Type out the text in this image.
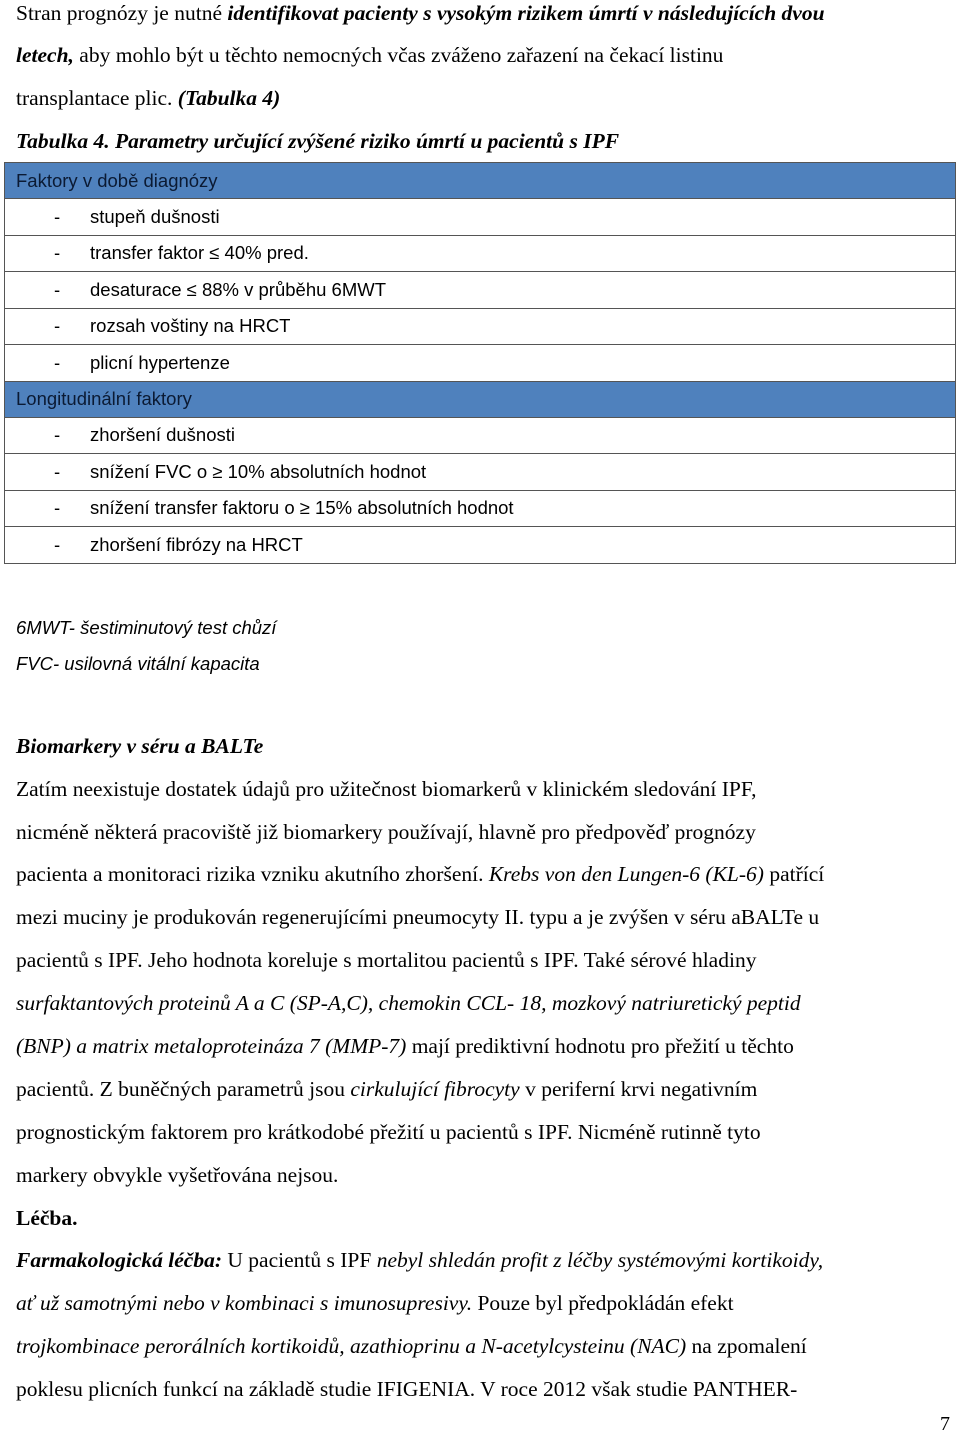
Stran prognózy je nutné identifikovat pacienty s vysokým rizikem úmrtí v následujících dvou
letech, aby mohlo být u těchto nemocných včas zváženo zařazení na čekací listinu
transplantace plic. (Tabulka 4)
Tabulka 4. Parametry určující zvýšené riziko úmrtí u pacientů s IPF
Faktory v době diagnózy
- stupeň dušnosti
- transfer faktor ≤ 40% pred.
- desaturace ≤ 88% v průběhu 6MWT
- rozsah voštiny na HRCT
- plicní hypertenze
Longitudinální faktory
- zhoršení dušnosti
- snížení FVC o ≥ 10% absolutních hodnot
- snížení transfer faktoru o ≥ 15% absolutních hodnot
- zhoršení fibrózy na HRCT
6MWT- šestiminutový test chůzí
FVC- usilovná vitální kapacita
Biomarkery v séru a BALTe
Zatím neexistuje dostatek údajů pro užitečnost biomarkerů v klinickém sledování IPF,
nicméně některá pracoviště již biomarkery používají, hlavně pro předpověď prognózy
pacienta a monitoraci rizika vzniku akutního zhoršení. Krebs von den Lungen-6 (KL-6) patřící
mezi muciny je produkován regenerujícími pneumocyty II. typu a je zvýšen v séru aBALTe u
pacientů s IPF. Jeho hodnota koreluje s mortalitou pacientů s IPF. Také sérové hladiny
surfaktantových proteinů A a C (SP-A,C), chemokin CCL- 18, mozkový natriuretický peptid
(BNP) a matrix metaloproteináza 7 (MMP-7) mají prediktivní hodnotu pro přežití u těchto
pacientů. Z buněčných parametrů jsou cirkulující fibrocyty v periferní krvi negativním
prognostickým faktorem pro krátkodobé přežití u pacientů s IPF. Nicméně rutinně tyto
markery obvykle vyšetřována nejsou.
Léčba.
Farmakologická léčba: U pacientů s IPF nebyl shledán profit z léčby systémovými kortikoidy,
ať už samotnými nebo v kombinaci s imunosupresivy. Pouze byl předpokládán efekt
trojkombinace perorálních kortikoidů, azathioprinu a N-acetylcysteinu (NAC) na zpomalení
poklesu plicních funkcí na základě studie IFIGENIA. V roce 2012 však studie PANTHER-
7
